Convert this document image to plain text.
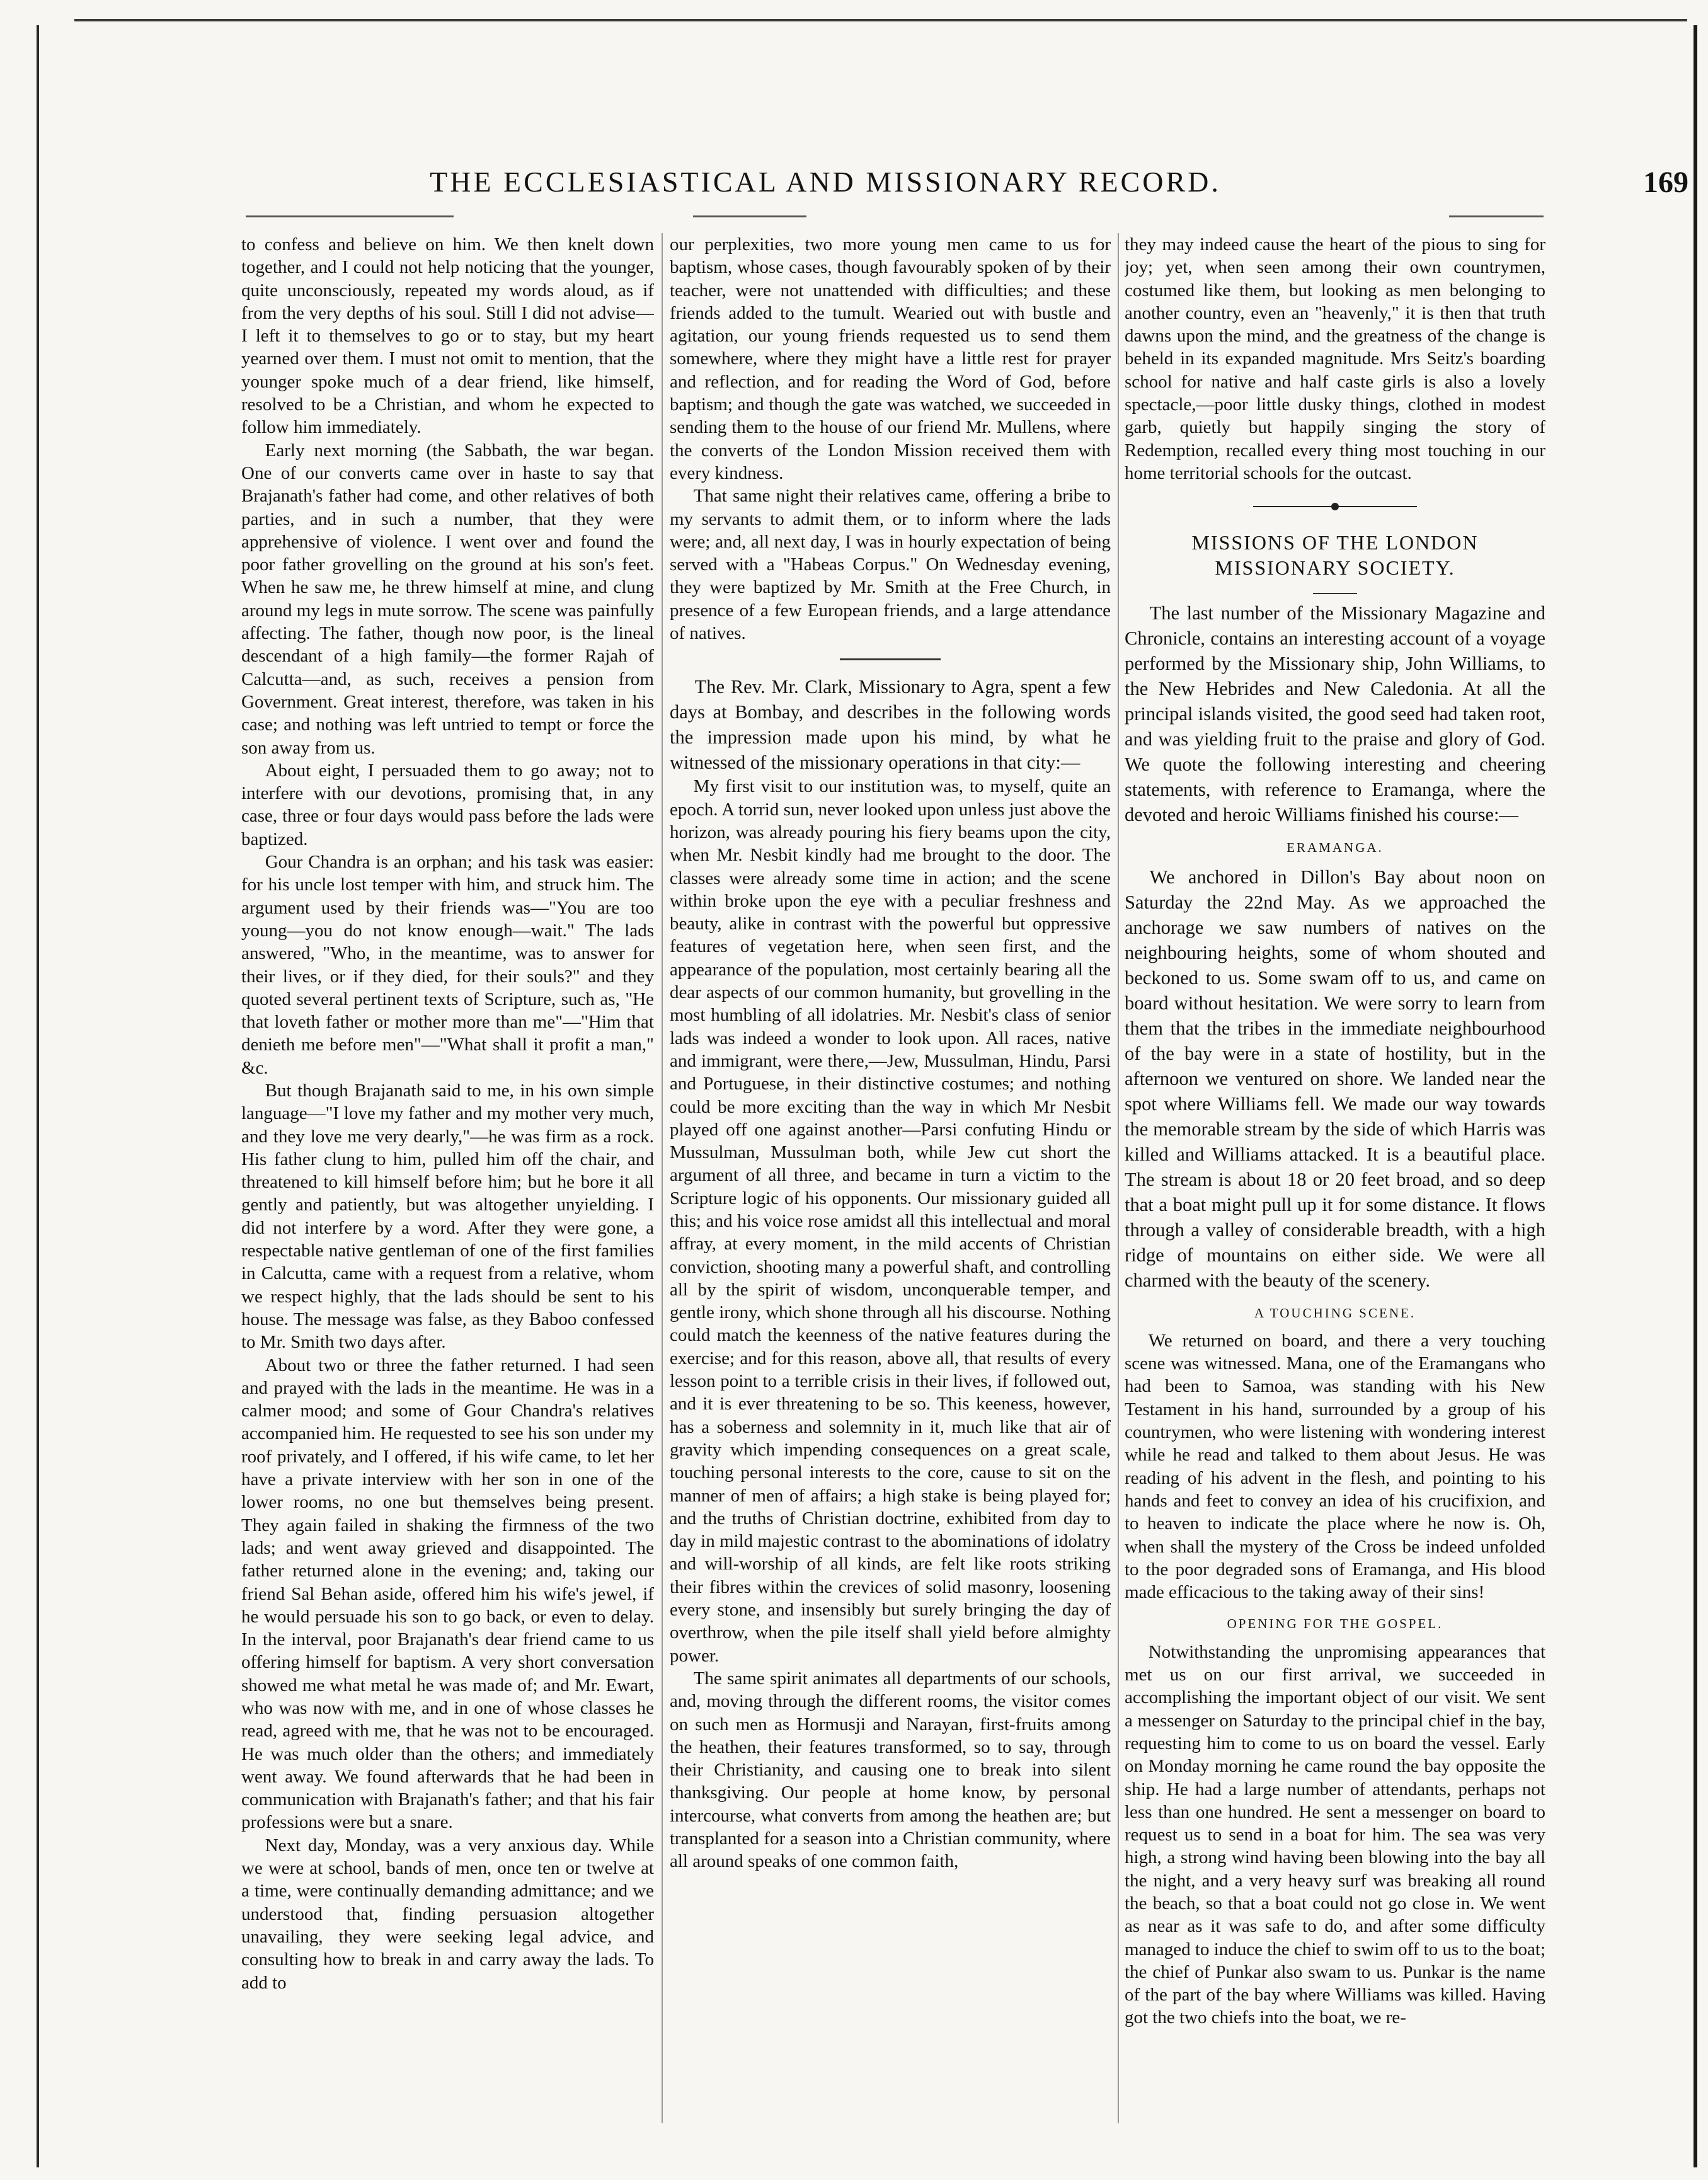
THE ECCLESIASTICAL AND MISSIONARY RECORD.	169

to confess and believe on him. We then knelt down together, and I could not help noticing that the younger, quite unconsciously, repeated my words aloud, as if from the very depths of his soul. Still I did not advise—I left it to themselves to go or to stay, but my heart yearned over them. I must not omit to mention, that the younger spoke much of a dear friend, like himself, resolved to be a Christian, and whom he expected to follow him immediately.

Early next morning (the Sabbath, the war began. One of our converts came over in haste to say that Brajanath's father had come, and other relatives of both parties, and in such a number, that they were apprehensive of violence. I went over and found the poor father grovelling on the ground at his son's feet. When he saw me, he threw himself at mine, and clung around my legs in mute sorrow. The scene was painfully affecting. The father, though now poor, is the lineal descendant of a high family—the former Rajah of Calcutta—and, as such, receives a pension from Government. Great interest, therefore, was taken in his case; and nothing was left untried to tempt or force the son away from us.

About eight, I persuaded them to go away; not to interfere with our devotions, promising that, in any case, three or four days would pass before the lads were baptized.

Gour Chandra is an orphan; and his task was easier: for his uncle lost temper with him, and struck him. The argument used by their friends was—"You are too young—you do not know enough—wait." The lads answered, "Who, in the meantime, was to answer for their lives, or if they died, for their souls?" and they quoted several pertinent texts of Scripture, such as, "He that loveth father or mother more than me"—"Him that denieth me before men"—"What shall it profit a man," &c.

But though Brajanath said to me, in his own simple language—"I love my father and my mother very much, and they love me very dearly,"—he was firm as a rock. His father clung to him, pulled him off the chair, and threatened to kill himself before him; but he bore it all gently and patiently, but was altogether unyielding. I did not interfere by a word. After they were gone, a respectable native gentleman of one of the first families in Calcutta, came with a request from a relative, whom we respect highly, that the lads should be sent to his house. The message was false, as they Baboo confessed to Mr. Smith two days after.

About two or three the father returned. I had seen and prayed with the lads in the meantime. He was in a calmer mood; and some of Gour Chandra's relatives accompanied him. He requested to see his son under my roof privately, and I offered, if his wife came, to let her have a private interview with her son in one of the lower rooms, no one but themselves being present. They again failed in shaking the firmness of the two lads; and went away grieved and disappointed. The father returned alone in the evening; and, taking our friend Sal Behan aside, offered him his wife's jewel, if he would persuade his son to go back, or even to delay. In the interval, poor Brajanath's dear friend came to us offering himself for baptism. A very short conversation showed me what metal he was made of; and Mr. Ewart, who was now with me, and in one of whose classes he read, agreed with me, that he was not to be encouraged. He was much older than the others; and immediately went away. We found afterwards that he had been in communication with Brajanath's father; and that his fair professions were but a snare.

Next day, Monday, was a very anxious day. While we were at school, bands of men, once ten or twelve at a time, were continually demanding admittance; and we understood that, finding persuasion altogether unavailing, they were seeking legal advice, and consulting how to break in and carry away the lads. To add to

our perplexities, two more young men came to us for baptism, whose cases, though favourably spoken of by their teacher, were not unattended with difficulties; and these friends added to the tumult. Wearied out with bustle and agitation, our young friends requested us to send them somewhere, where they might have a little rest for prayer and reflection, and for reading the Word of God, before baptism; and though the gate was watched, we succeeded in sending them to the house of our friend Mr. Mullens, where the converts of the London Mission received them with every kindness.

That same night their relatives came, offering a bribe to my servants to admit them, or to inform where the lads were; and, all next day, I was in hourly expectation of being served with a "Habeas Corpus." On Wednesday evening, they were baptized by Mr. Smith at the Free Church, in presence of a few European friends, and a large attendance of natives.

The Rev. Mr. Clark, Missionary to Agra, spent a few days at Bombay, and describes in the following words the impression made upon his mind, by what he witnessed of the missionary operations in that city:—

My first visit to our institution was, to myself, quite an epoch. A torrid sun, never looked upon unless just above the horizon, was already pouring his fiery beams upon the city, when Mr. Nesbit kindly had me brought to the door. The classes were already some time in action; and the scene within broke upon the eye with a peculiar freshness and beauty, alike in contrast with the powerful but oppressive features of vegetation here, when seen first, and the appearance of the population, most certainly bearing all the dear aspects of our common humanity, but grovelling in the most humbling of all idolatries. Mr. Nesbit's class of senior lads was indeed a wonder to look upon. All races, native and immigrant, were there,—Jew, Mussulman, Hindu, Parsi and Portuguese, in their distinctive costumes; and nothing could be more exciting than the way in which Mr Nesbit played off one against another—Parsi confuting Hindu or Mussulman, Mussulman both, while Jew cut short the argument of all three, and became in turn a victim to the Scripture logic of his opponents. Our missionary guided all this; and his voice rose amidst all this intellectual and moral affray, at every moment, in the mild accents of Christian conviction, shooting many a powerful shaft, and controlling all by the spirit of wisdom, unconquerable temper, and gentle irony, which shone through all his discourse. Nothing could match the keenness of the native features during the exercise; and for this reason, above all, that results of every lesson point to a terrible crisis in their lives, if followed out, and it is ever threatening to be so. This keeness, however, has a soberness and solemnity in it, much like that air of gravity which impending consequences on a great scale, touching personal interests to the core, cause to sit on the manner of men of affairs; a high stake is being played for; and the truths of Christian doctrine, exhibited from day to day in mild majestic contrast to the abominations of idolatry and will-worship of all kinds, are felt like roots striking their fibres within the crevices of solid masonry, loosening every stone, and insensibly but surely bringing the day of overthrow, when the pile itself shall yield before almighty power.

The same spirit animates all departments of our schools, and, moving through the different rooms, the visitor comes on such men as Hormusji and Narayan, first-fruits among the heathen, their features transformed, so to say, through their Christianity, and causing one to break into silent thanksgiving. Our people at home know, by personal intercourse, what converts from among the heathen are; but transplanted for a season into a Christian community, where all around speaks of one common faith,

they may indeed cause the heart of the pious to sing for joy; yet, when seen among their own countrymen, costumed like them, but looking as men belonging to another country, even an "heavenly," it is then that truth dawns upon the mind, and the greatness of the change is beheld in its expanded magnitude. Mrs Seitz's boarding school for native and half caste girls is also a lovely spectacle,—poor little dusky things, clothed in modest garb, quietly but happily singing the story of Redemption, recalled every thing most touching in our home territorial schools for the outcast.

MISSIONS OF THE LONDON MISSIONARY SOCIETY.

The last number of the Missionary Magazine and Chronicle, contains an interesting account of a voyage performed by the Missionary ship, John Williams, to the New Hebrides and New Caledonia. At all the principal islands visited, the good seed had taken root, and was yielding fruit to the praise and glory of God. We quote the following interesting and cheering statements, with reference to Eramanga, where the devoted and heroic Williams finished his course:—

ERAMANGA.

We anchored in Dillon's Bay about noon on Saturday the 22nd May. As we approached the anchorage we saw numbers of natives on the neighbouring heights, some of whom shouted and beckoned to us. Some swam off to us, and came on board without hesitation. We were sorry to learn from them that the tribes in the immediate neighbourhood of the bay were in a state of hostility, but in the afternoon we ventured on shore. We landed near the spot where Williams fell. We made our way towards the memorable stream by the side of which Harris was killed and Williams attacked. It is a beautiful place. The stream is about 18 or 20 feet broad, and so deep that a boat might pull up it for some distance. It flows through a valley of considerable breadth, with a high ridge of mountains on either side. We were all charmed with the beauty of the scenery.

A TOUCHING SCENE.

We returned on board, and there a very touching scene was witnessed. Mana, one of the Eramangans who had been to Samoa, was standing with his New Testament in his hand, surrounded by a group of his countrymen, who were listening with wondering interest while he read and talked to them about Jesus. He was reading of his advent in the flesh, and pointing to his hands and feet to convey an idea of his crucifixion, and to heaven to indicate the place where he now is. Oh, when shall the mystery of the Cross be indeed unfolded to the poor degraded sons of Eramanga, and His blood made efficacious to the taking away of their sins!

OPENING FOR THE GOSPEL.

Notwithstanding the unpromising appearances that met us on our first arrival, we succeeded in accomplishing the important object of our visit. We sent a messenger on Saturday to the principal chief in the bay, requesting him to come to us on board the vessel. Early on Monday morning he came round the bay opposite the ship. He had a large number of attendants, perhaps not less than one hundred. He sent a messenger on board to request us to send in a boat for him. The sea was very high, a strong wind having been blowing into the bay all the night, and a very heavy surf was breaking all round the beach, so that a boat could not go close in. We went as near as it was safe to do, and after some difficulty managed to induce the chief to swim off to us to the boat; the chief of Punkar also swam to us. Punkar is the name of the part of the bay where Williams was killed. Having got the two chiefs into the boat, we re-
